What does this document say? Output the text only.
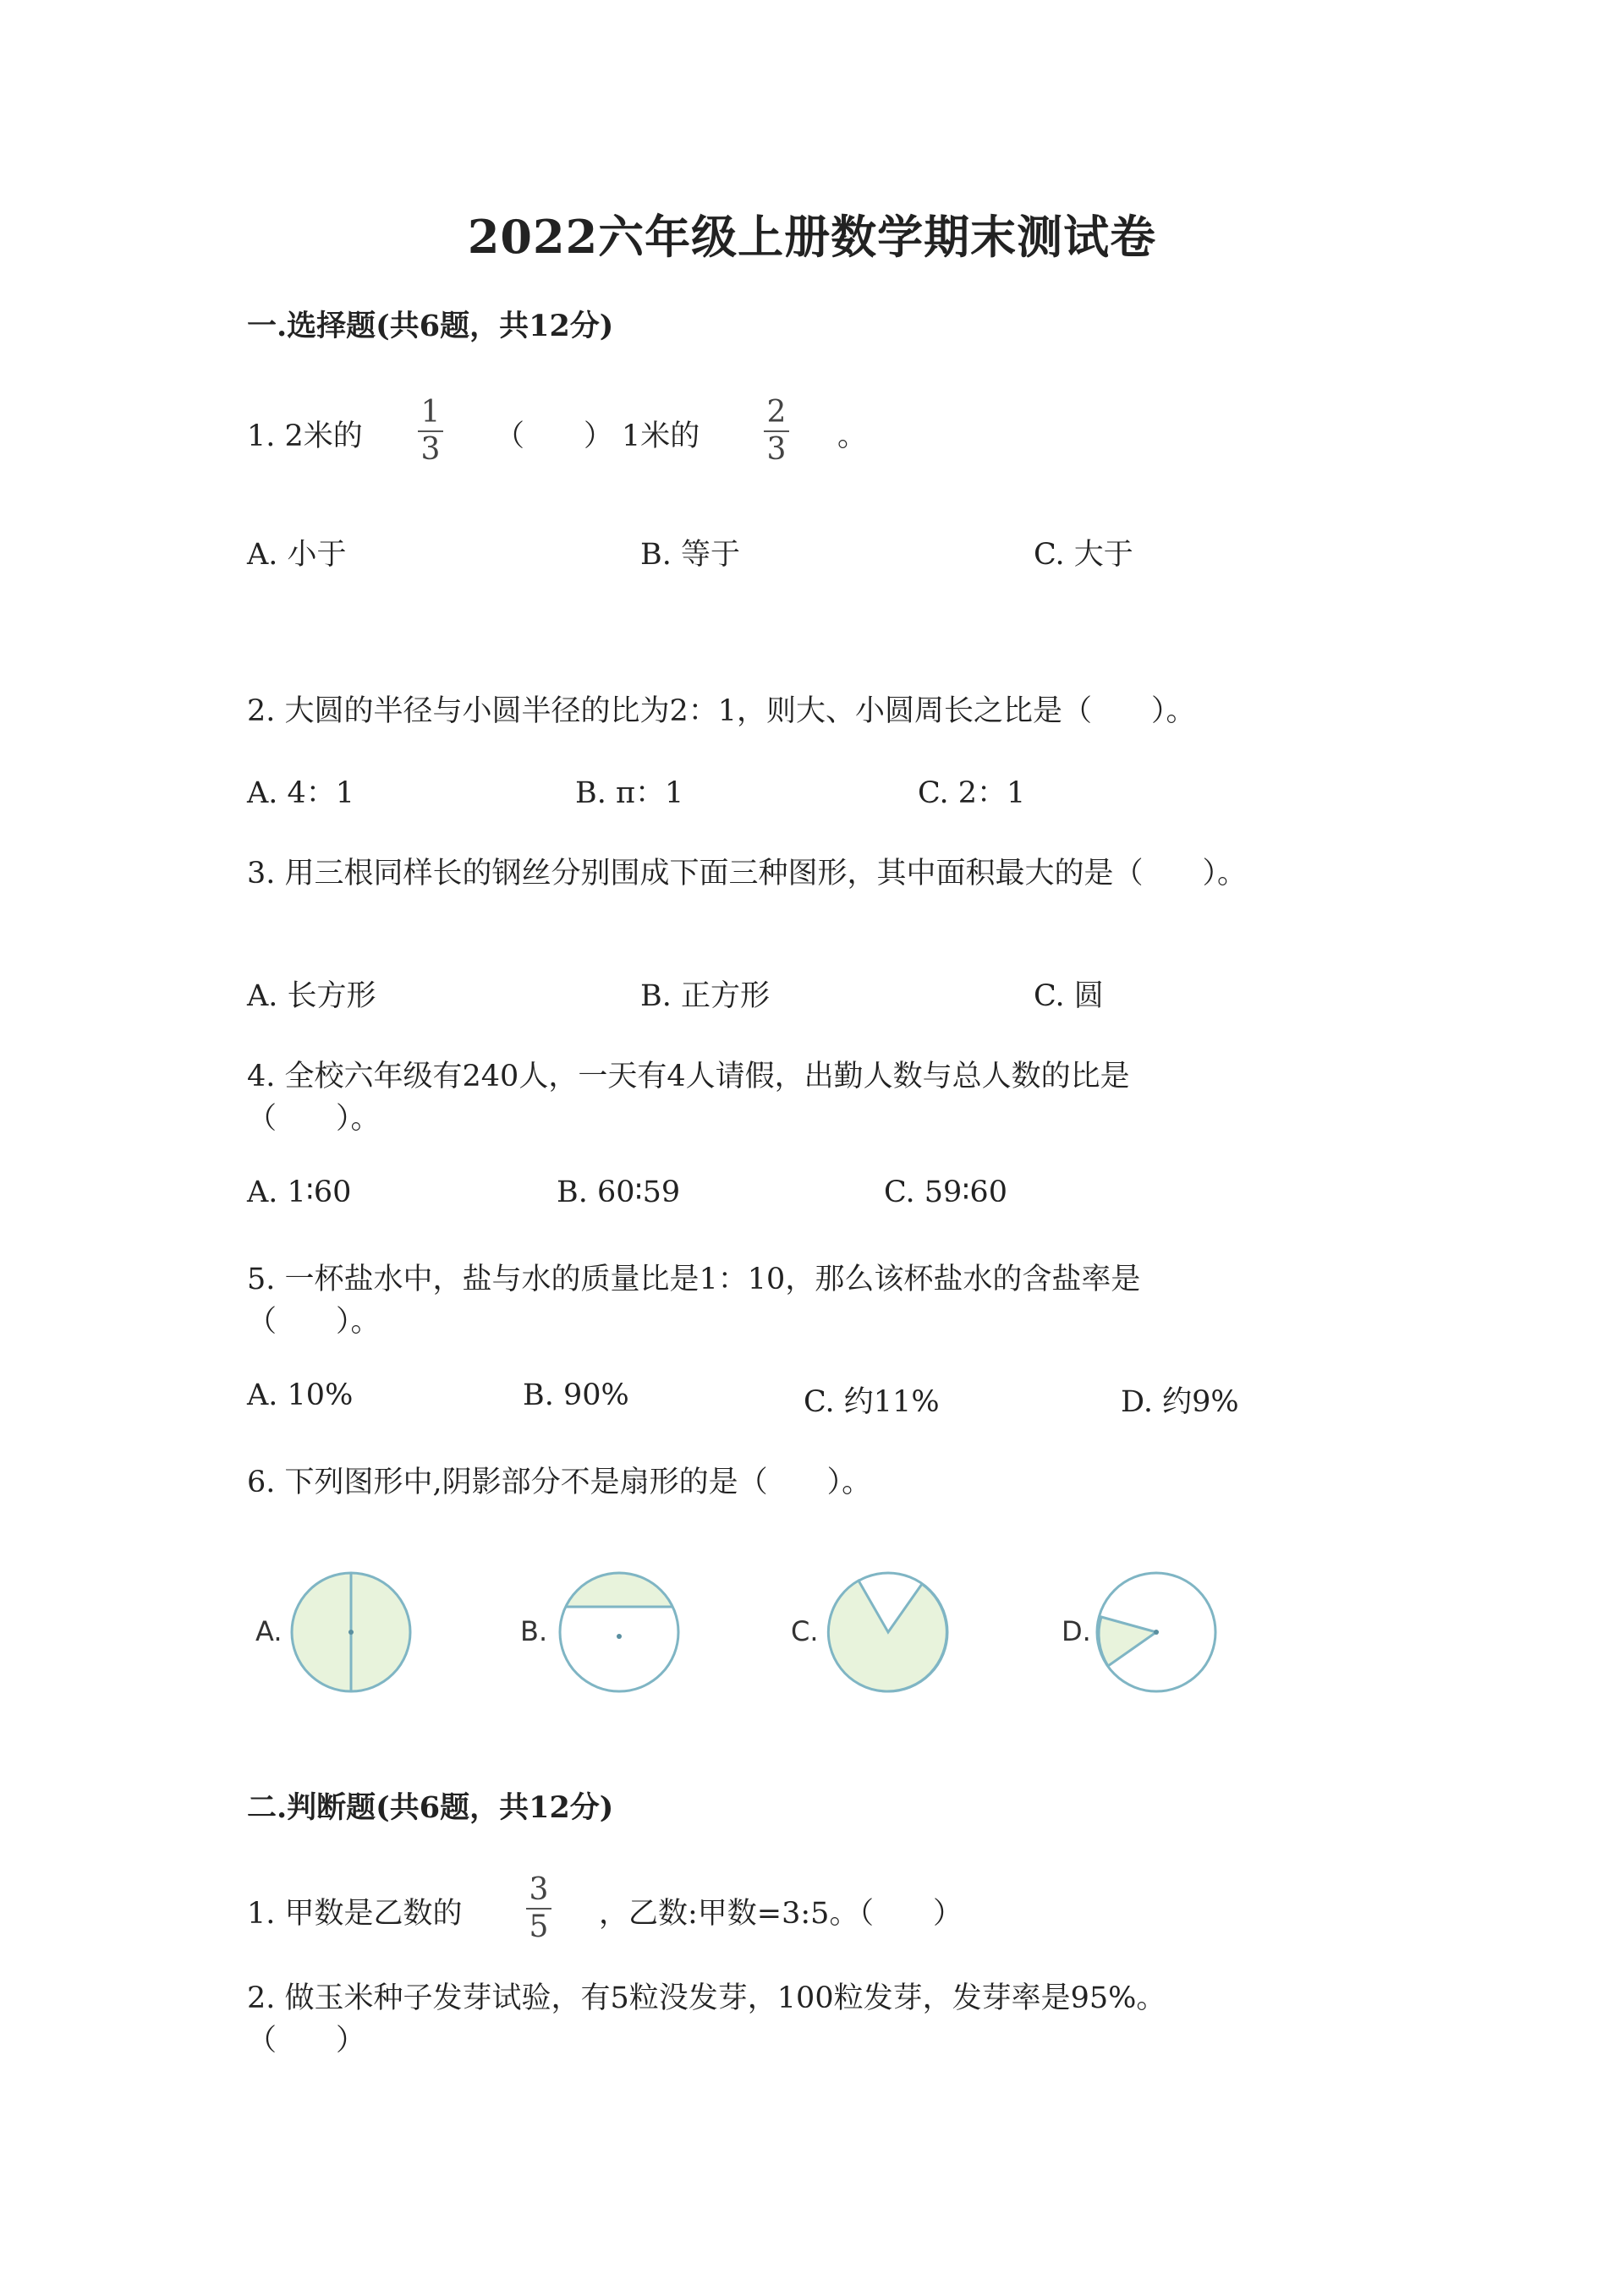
2022六年级上册数学期末测试卷
一.选择题(共6题，共12分)
1. 2米的
1
3 （　　） 1米的
2
3 。
A. 小于	B. 等于	C. 大于
2. 大圆的半径与小圆半径的比为2：1，则大、小圆周长之比是（　　）。
A. 4：1	B. π：1	C. 2：1
3. 用三根同样长的钢丝分别围成下面三种图形，其中面积最大的是（　　）。
A. 长方形	B. 正方形	C. 圆
4. 全校六年级有240人，一天有4人请假，出勤人数与总人数的比是
（　　）。
A. 1∶60	B. 60∶59	C. 59∶60
5. 一杯盐水中，盐与水的质量比是1：10，那么该杯盐水的含盐率是
（　　）。
A. 10%	B. 90%	C. 约11%	D. 约9%
6. 下列图形中,阴影部分不是扇形的是（　　）。
A.	B.	C.	D.
二.判断题(共6题，共12分)
1. 甲数是乙数的
3
5 ，乙数:甲数=3:5。（　　）
2. 做玉米种子发芽试验，有5粒没发芽，100粒发芽，发芽率是95%。
（　　）
